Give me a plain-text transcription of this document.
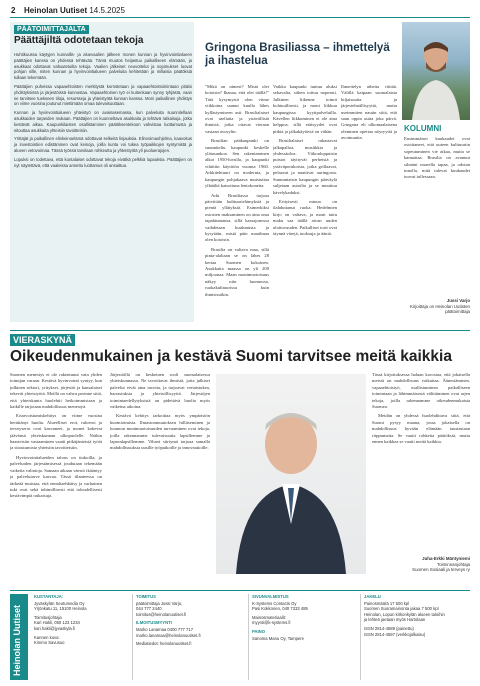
2 Heinolan Uutiset 14.5.2025
PÄÄTOIMITTAJALTA
Päättäjiltä odotetaan tekoja

Huhtikuussa käytyjen kunnallis- ja aluevaalien jälkeen monen kunnan ja hyvinvointialueen päättäjien kanssa on yhdessä tehtävää. Tämä muutos heijastuu paikalliseen elämään, ja asukkaat odottavat valtuutetuilta tekoja. Vaalien jälkeiset neuvottelut ja sopimukset luovat pohjan sille, miten kunnan ja hyvinvointialueen palveluita kehitetään ja millaisia päätöksiä tullaan tekemään.

Päättäjien puheissa vapaaehtoisten merkitystä korostetaan ja vapaaehtoistoimintaan pitäisi yhdistyksissä ja järjestöissä kannustaa. Vapaaehtoinen työ ei kuitenkaan synny tyhjästä, vaan se tarvitsee tuekseen tiloja, resursseja ja yhteistyötä kunnan kanssa. Moni paikallinen yhdistys on viime vuosina joutunut miettimään omaa tulevaisuuttaan.

Kunnan ja hyvinvointialueen yhteistyö on avainasemassa, kun palveluita suunnitellaan asukkaiden tarpeiden mukaan. Päättäjien on kuunneltava asukkaita ja tehtävä ratkaisuja, jotka kestävät aikaa. Kaupunkilaisten osallistaminen päätöksentekoon vahvistaa luottamusta ja sitouttaa asukkaita yhteisiin tavoitteisiin.

Yrittäjät ja paikallinen elinkeinoelämä odottavat selkeitä linjauksia. Elinvoimaohjelma, kaavoitus ja investointien edistäminen ovat keinoja, joilla kunta voi tukea työpaikkojen syntymistä ja alueen vetovoimaa. Tässä työssä tarvitaan rohkeutta ja yhteistyötä yli puoluerajojen.

Lopuksi on todettava, että kuntalaiset odottavat tekoja eivätkä pelkkiä lupauksia. Päättäjien on nyt näytettävä, että vaaleissa annettu luottamus oli ansaittua.

Gringona Brasiliassa – ihmettelyä ja ihastelua
KOLUMNI

”Mikä on nimesi? Mistä olet kotoisin? Ihanaa, että olet täällä!” Tätä kysymystä olen viime viikkoina saanut kuulla lähes kyllästymiseen asti. Brasilialaiset ovat uteliaita ja ystävällisiä ihmisiä, jotka ottavat vieraan vastaan avosylin.

Brasilian pääkaupunki on suunniteltu kaupunki keskelle ylätasankoa. Sen rakentaminen alkoi 1950-luvulla, ja kaupunki vihittiin käyttöön vuonna 1960. Arkkitehtuuri on modernia, ja kaupungin pohjakaava muistuttaa ylhäältä katsottuna lentokonetta.

Arki Brasiliassa tarjoaa päivittäin kulttuurielämyksiä ja pieniä yllätyksiä. Esimerkiksi ostosten maksaminen on aina oma tapahtumansa, sillä kassajonossa vaihdetaan kuulumisia ja kysytään, mistä päin maailmaa olen kotoisin.

Brasilia on valtava maa, sillä pinta-alaltaan se on lähes 28 kertaa Suomen kokoinen. Asukkaita maassa on yli 200 miljoonaa. Maan monimuotoisuus näkyy niin luonnossa, ruokakulttuurissa kuin ihmisissäkin.

Vaikka kaupunki tuntuu aluksi sekavalta, siihen tottuu nopeasti. Julkinen liikenne toimii kohtuullisesti, ja moni liikkuu kaupungissa kyytipalveluilla. Kävellen liikkuminen ei ole aina helppoa, sillä etäisyydet ovat pitkiä ja jalkakäytäviä on vähän.

Brasilialaiset rakastavat jalkapalloa, musiikkia ja yhdessäoloa. Viikonloppuisin puistot täyttyvät perheistä ja ystäväporukoista, jotka grillaavat, pelaavat ja nauttivat auringosta. Sunnuntaisin kaupungin pääväylä suljetaan autoilta ja se muuttuu kävelykaduksi.

Erityisesti minua on ilahduttanut ruoka. Hedelmien kirjo on valtava, ja moni tuttu maku saa täällä aivan uuden ulottuvuuden. Paikalliset torit ovat täynnä värejä, tuoksuja ja ääniä.

Ihmettelyn aiheita riittää. Välillä kaipaan suomalaista hiljaisuutta ja järjestelmällisyyttä, mutta useimmiten nautin siitä, että saan oppia uutta joka päivä. Gringona eli ulkomaalaisena oleminen opettaa nöyryyttä ja avoimuutta.	Ensimmäiset kuukaudet ovat osoittaneet, että uuteen kulttuuriin sopeutuminen vie aikaa, mutta se kannattaa. Brasilia on avannut silmäni monella tapaa, ja odotan innolla, mitä tulevat kuukaudet tuovat tullessaan.

Jussi Varjo
Kirjoittaja on Heinolan Uutisten päätoimittaja
VIERASKYNÄ
Oikeudenmukainen ja kestävä Suomi tarvitsee meitä kaikkia

Suomen menestys ei ole rakentunut vain yhden toimijan varaan. Kestävä hyvinvointi syntyy, kun julkinen sektori, yritykset, järjestöt ja kansalaiset tekevät yhteistyötä. Meillä on vahva perinne siitä, että yhteiskunta huolehtii heikoimmistaan ja kaikille tarjotaan mahdollisuus menestyä.

Eriarvoistumiskehitys on viime vuosina herättänyt huolta. Alueelliset erot, tuloerot ja terveyserot ovat kasvaneet, ja monet kokevat jäävänsä yhteiskunnan ulkopuolelle. Näihin haasteisiin vastaaminen vaatii pitkäjänteistä työtä ja sitoutumista yhteisiin tavoitteisiin.

Hyvinvointialueiden talous on tiukoilla, ja palveluiden järjestämisessä joudutaan tekemään vaikeita valintoja. Samaan aikaan väestö ikääntyy ja palvelutarve kasvaa. Tässä tilanteessa on tärkeää muistaa, että ennaltaehkäisy ja varhainen tuki ovat sekä inhimillisesti että taloudellisesti kestävimpiä ratkaisuja.

Järjestöillä on keskeinen rooli suomalaisessa yhteiskunnassa. Ne tavoittavat ihmisiä, joita julkiset palvelut eivät aina tavoita, ja tarjoavat vertaistukea, harrastuksia ja yhteisöllisyyttä. Järjestöjen toimintaedellytyksistä on pidettävä huolta myös vaikeina aikoina.

Kestävä kehitys tarkoittaa myös ympäristön huomioimista. Ilmastonmuutoksen hillitseminen ja luonnon monimuotoisuuden turvaaminen ovat tekoja, joilla rakennamme tulevaisuutta lapsillemme ja lapsenlapsillemme. Vihreä siirtymä tarjoaa samalla mahdollisuuksia uusille työpaikoille ja innovaatioille.

Tässä kirjoituksessa haluan korostaa, että jokaisella meistä on mahdollisuus vaikuttaa. Äänestäminen, vapaaehtoistyö, osallistuminen paikalliseen toimintaan ja lähimmäisestä välittäminen ovat arjen tekoja, joilla rakennamme oikeudenmukaista Suomea.

Meidän on yhdessä huolehdittava siitä, että Suomi pysyy maana, jossa jokaisella on mahdollisuus hyvään elämään taustastaan riippumatta. Se vaatii rohkeita päätöksiä, mutta ennen kaikkea se vaatii meitä kaikkia.

Juha-Erkki Mäntyniemi
Toiminnanjohtaja
Suomen Sosiaali ja terveys ry
Heinolan Uutiset
KUSTANTAJA:
Jyväskylän Seutumedia Oy
Yrjönkatu 11, 15100 Heinola
Toimitusjohtaja
Kari Hakli, 050 123 1234
kari.hakli@jyvaskyla.fi
Kannen kuva:
Kimmo Savusuo
TOIMITUS
päätoimittaja Jussi Varjo,
044 777 2440
toimitus@heinolanuutiset.fi
ILMOITUSMYYNTI
Marko Lanamaa 0400 777 717
marko.lanamaa@heinolanuutiset.fi
Mediatiedot: heinolanuutiset.fi
SIVUNVALMISTUS
K-Systems Contacts Oy
Pasi Kokkonen, 040 7333 485
Mainosmateriaalit:
myynti@k-systems.fi
PAINO
Sanoma Manu Oy, Tampere
JAKELU
Painosmäärä 17 500 kpl
Suomen Suoramainonta jakaa 7 500 kpl
Heinolan, Lopun kirkonkylän alueen taloihin
ja lehteä jaetaan myös Hartolaan
ISSN 2814-4589 (painettu)
ISSN 2814-4597 (verkkojulkaisu)
